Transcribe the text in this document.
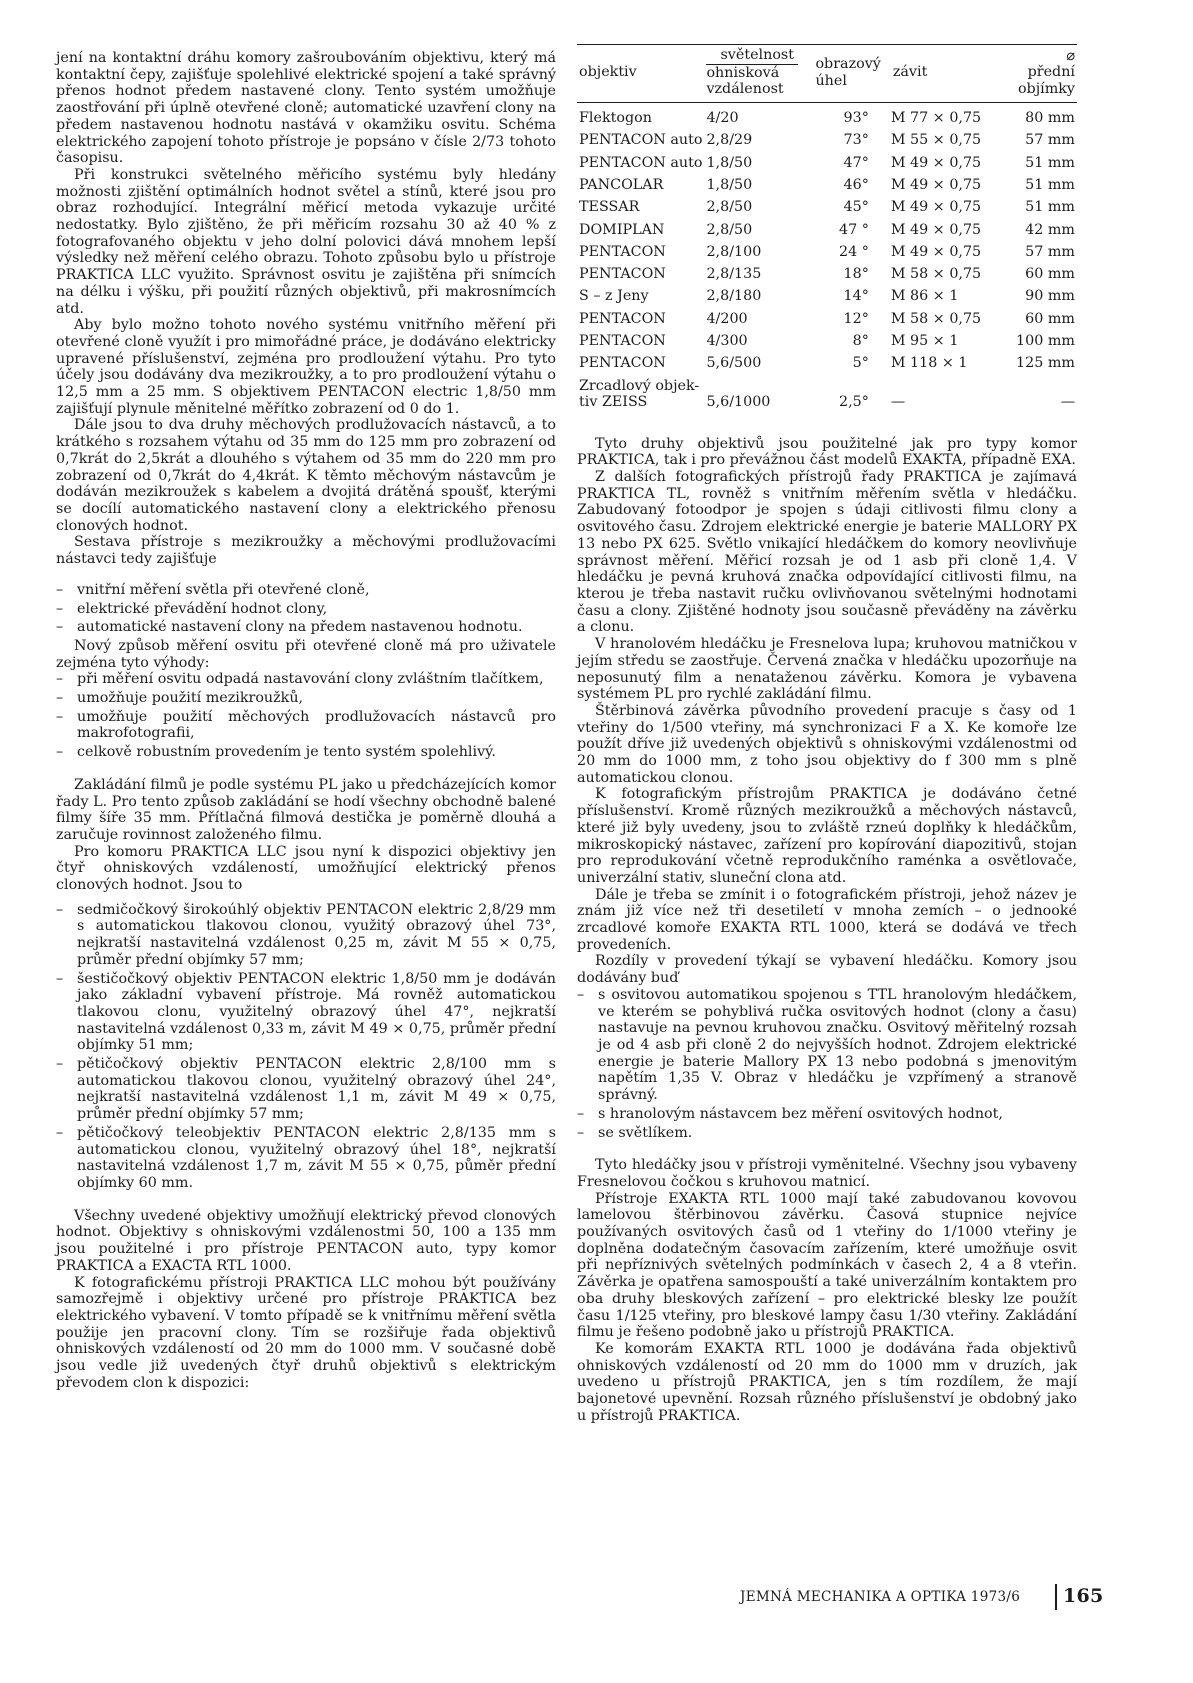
jení na kontaktní dráhu komory zašroubováním objektivu, který má kontaktní čepy, zajišťuje spolehlivé elektrické spojení a také správný přenos hodnot předem nastavené clony. Tento systém umožňuje zaostřování při úplně otevřené cloně; automatické uzavření clony na předem nastavenou hodnotu nastává v okamžiku osvitu. Schéma elektrického zapojení tohoto přístroje je popsáno v čísle 2/73 tohoto časopisu.

Při konstrukci světelného měřicího systému byly hledány možnosti zjištění optimálních hodnot světel a stínů, které jsou pro obraz rozhodující. Integrální měřicí metoda vykazuje určité nedostatky. Bylo zjištěno, že při měřicím rozsahu 30 až 40 % z fotografovaného objektu v jeho dolní polovici dává mnohem lepší výsledky než měření celého obrazu. Tohoto způsobu bylo u přístroje PRAKTICA LLC využito. Správnost osvitu je zajištěna při snímcích na délku i výšku, při použití různých objektivů, při makrosnímcích atd.

Aby bylo možno tohoto nového systému vnitřního měření při otevřené cloně využít i pro mimořádné práce, je dodáváno elektricky upravené příslušenství, zejména pro prodloužení výtahu. Pro tyto účely jsou dodávány dva mezikroužky, a to pro prodloužení výtahu o 12,5 mm a 25 mm. S objektivem PENTACON electric 1,8/50 mm zajišťují plynule měnitelné měřítko zobrazení od 0 do 1.

Dále jsou to dva druhy měchových prodlužovacích nástavců, a to krátkého s rozsahem výtahu od 35 mm do 125 mm pro zobrazení od 0,7krát do 2,5krát a dlouhého s výtahem od 35 mm do 220 mm pro zobrazení od 0,7krát do 4,4krát. K těmto měchovým nástavcům je dodáván mezikroužek s kabelem a dvojitá drátěná spoušť, kterými se docílí automatického nastavení clony a elektrického přenosu clonových hodnot.

Sestava přístroje s mezikroužky a měchovými prodlužovacími nástavci tedy zajišťuje

– vnitřní měření světla při otevřené cloně,
– elektrické převádění hodnot clony,
– automatické nastavení clony na předem nastavenou hodnotu.

Nový způsob měření osvitu při otevřené cloně má pro uživatele zejména tyto výhody:

– při měření osvitu odpadá nastavování clony zvláštním tlačítkem,
– umožňuje použití mezikroužků,
– umožňuje použití měchových prodlužovacích nástavců pro makrofotografii,
– celkově robustním provedením je tento systém spolehlivý.

Zakládání filmů je podle systému PL jako u předcházejících komor řady L. Pro tento způsob zakládání se hodí všechny obchodně balené filmy šíře 35 mm. Přítlačná filmová destička je poměrně dlouhá a zaručuje rovinnost založeného filmu.

Pro komoru PRAKTICA LLC jsou nyní k dispozici objektivy jen čtyř ohniskových vzdáleností, umožňující elektrický přenos clonových hodnot. Jsou to

– sedmičočkový širokoúhlý objektiv PENTACON elektric 2,8/29 mm s automatickou tlakovou clonou, využitý obrazový úhel 73°, nejkratší nastavitelná vzdálenost 0,25 m, závit M 55 × 0,75, průměr přední objímky 57 mm;
– šestičočkový objektiv PENTACON elektric 1,8/50 mm je dodáván jako základní vybavení přístroje. Má rovněž automatickou tlakovou clonu, využitelný obrazový úhel 47°, nejkratší nastavitelná vzdálenost 0,33 m, závit M 49 × 0,75, průměr přední objímky 51 mm;
– pětičočkový objektiv PENTACON elektric 2,8/100 mm s automatickou tlakovou clonou, využitelný obrazový úhel 24°, nejkratší nastavitelná vzdálenost 1,1 m, závit M 49 × 0,75, průměr přední objímky 57 mm;
– pětičočkový teleobjektiv PENTACON elektric 2,8/135 mm s automatickou clonou, využitelný obrazový úhel 18°, nejkratší nastavitelná vzdálenost 1,7 m, závit M 55 × 0,75, půměr přední objímky 60 mm.

Všechny uvedené objektivy umožňují elektrický převod clonových hodnot. Objektivy s ohniskovými vzdálenostmi 50, 100 a 135 mm jsou použitelné i pro přístroje PENTACON auto, typy komor PRAKTICA a EXACTA RTL 1000.

K fotografickému přístroji PRAKTICA LLC mohou být používány samozřejmě i objektivy určené pro přístroje PRAKTICA bez elektrického vybavení. V tomto případě se k vnitřnímu měření světla použije jen pracovní clony. Tím se rozšiřuje řada objektivů ohniskových vzdáleností od 20 mm do 1000 mm. V současné době jsou vedle již uvedených čtyř druhů objektivů s elektrickým převodem clon k dispozici:

objektiv	světelnost
ohnisková vzdálenost	obrazový úhel	závit	⌀ přední objímky

Flektogon	4/20	93°	M 77 × 0,75	80 mm
PENTACON auto	2,8/29	73°	M 55 × 0,75	57 mm
PENTACON auto	1,8/50	47°	M 49 × 0,75	51 mm
PANCOLAR	1,8/50	46°	M 49 × 0,75	51 mm
TESSAR	2,8/50	45°	M 49 × 0,75	51 mm
DOMIPLAN	2,8/50	47 °	M 49 × 0,75	42 mm
PENTACON	2,8/100	24 °	M 49 × 0,75	57 mm
PENTACON	2,8/135	18°	M 58 × 0,75	60 mm
S – z Jeny	2,8/180	14°	M 86 × 1	90 mm
PENTACON	4/200	12°	M 58 × 0,75	60 mm
PENTACON	4/300	8°	M 95 × 1	100 mm
PENTACON	5,6/500	5°	M 118 × 1	125 mm

Zrcadlový objek-
tiv ZEISS	5,6/1000	2,5°	—	—

Tyto druhy objektivů jsou použitelné jak pro typy komor PRAKTICA, tak i pro převážnou část modelů EXAKTA, případně EXA.

Z dalších fotografických přístrojů řady PRAKTICA je zajímavá PRAKTICA TL, rovněž s vnitřním měřením světla v hledáčku. Zabudovaný fotoodpor je spojen s údaji citlivosti filmu clony a osvitového času. Zdrojem elektrické energie je baterie MALLORY PX 13 nebo PX 625. Světlo vnikající hledáčkem do komory neovlivňuje správnost měření. Měřicí rozsah je od 1 asb při cloně 1,4. V hledáčku je pevná kruhová značka odpovídající citlivosti filmu, na kterou je třeba nastavit ručku ovlivňovanou světelnými hodnotami času a clony. Zjištěné hodnoty jsou současně převáděny na závěrku a clonu.

V hranolovém hledáčku je Fresnelova lupa; kruhovou matničkou v jejím středu se zaostřuje. Červená značka v hledáčku upozorňuje na neposunutý film a nenataženou závěrku. Komora je vybavena systémem PL pro rychlé zakládání filmu.

Štěrbinová závěrka původního provedení pracuje s časy od 1 vteřiny do 1/500 vteřiny, má synchronizaci F a X. Ke komoře lze použít dříve již uvedených objektivů s ohniskovými vzdálenostmi od 20 mm do 1000 mm, z toho jsou objektivy do f 300 mm s plně automatickou clonou.

K fotografickým přístrojům PRAKTICA je dodáváno četné příslušenství. Kromě různých mezikroužků a měchových nástavců, které již byly uvedeny, jsou to zvláště rzneú doplňky k hledáčkům, mikroskopický nástavec, zařízení pro kopírování diapozitivů, stojan pro reprodukování včetně reprodukčního raménka a osvětlovače, univerzální stativ, sluneční clona atd.

Dále je třeba se zmínit i o fotografickém přístroji, jehož název je znám již více než tři desetiletí v mnoha zemích – o jednooké zrcadlové komoře EXAKTA RTL 1000, která se dodává ve třech provedeních.

Rozdíly v provedení týkají se vybavení hledáčku. Komory jsou dodávány buď

– s osvitovou automatikou spojenou s TTL hranolovým hledáčkem, ve kterém se pohyblivá ručka osvitových hodnot (clony a času) nastavuje na pevnou kruhovou značku. Osvitový měřitelný rozsah je od 4 asb při cloně 2 do nejvyšších hodnot. Zdrojem elektrické energie je baterie Mallory PX 13 nebo podobná s jmenovitým napětím 1,35 V. Obraz v hledáčku je vzpřímený a stranově správný.
– s hranolovým nástavcem bez měření osvitových hodnot,
– se světlíkem.

Tyto hledáčky jsou v přístroji vyměnitelné. Všechny jsou vybaveny Fresnelovou čočkou s kruhovou matnicí.

Přístroje EXAKTA RTL 1000 mají také zabudovanou kovovou lamelovou štěrbinovou závěrku. Časová stupnice nejvíce používaných osvitových časů od 1 vteřiny do 1/1000 vteřiny je doplněna dodatečným časovacím zařízením, které umožňuje osvit při nepříznivých světelných podmínkách v časech 2, 4 a 8 vteřin. Závěrka je opatřena samospouští a také univerzálním kontaktem pro oba druhy bleskových zařízení – pro elektrické blesky lze použít času 1/125 vteřiny, pro bleskové lampy času 1/30 vteřiny. Zakládání filmu je řešeno podobně jako u přístrojů PRAKTICA.

Ke komorám EXAKTA RTL 1000 je dodávána řada objektivů ohniskových vzdáleností od 20 mm do 1000 mm v druzích, jak uvedeno u přístrojů PRAKTICA, jen s tím rozdílem, že mají bajonetové upevnění. Rozsah různého příslušenství je obdobný jako u přístrojů PRAKTICA.

JEMNÁ MECHANIKA A OPTIKA 1973/6 165
